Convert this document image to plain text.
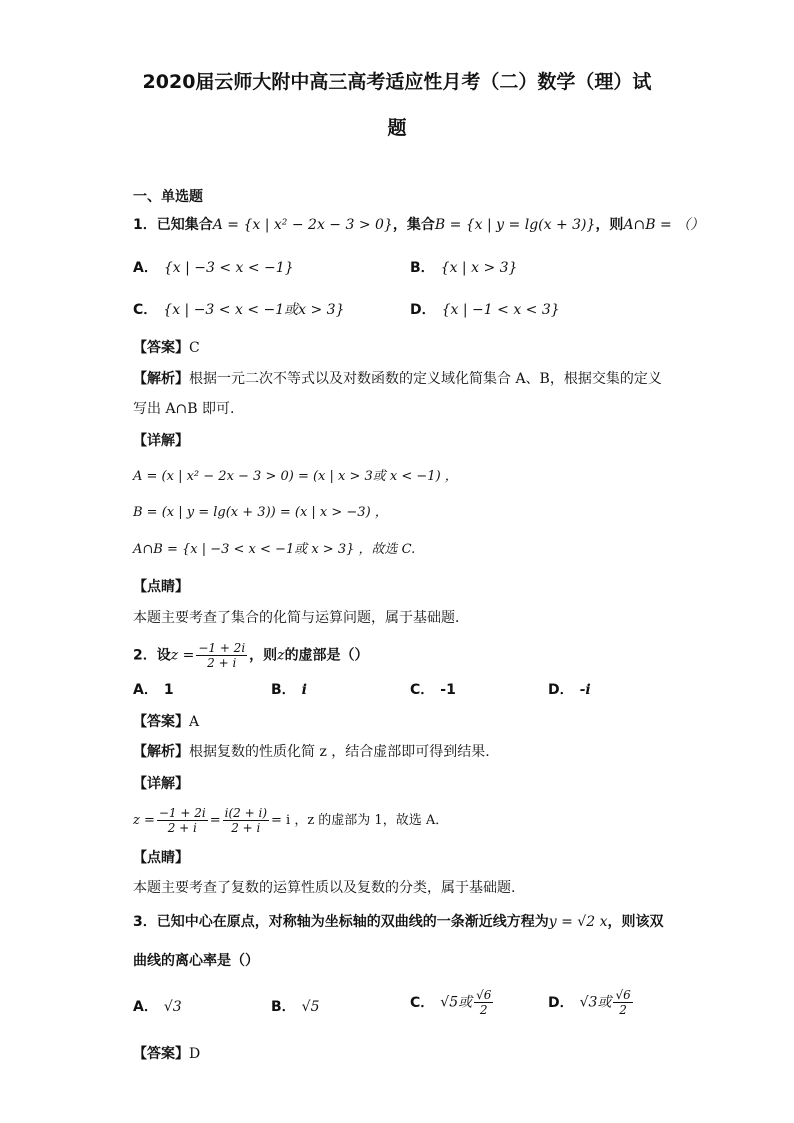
2020届云师大附中高三高考适应性月考（二）数学（理）试
题
一、单选题
1．已知集合A = {x | x² − 2x − 3 > 0}，集合B = {x | y = lg(x + 3)}，则A∩B = （）
A． {x | −3 < x < −1}	B． {x | x > 3}
C． {x | −3 < x < −1或x > 3}	D． {x | −1 < x < 3}
【答案】C
【解析】根据一元二次不等式以及对数函数的定义域化简集合 A、B，根据交集的定义
写出 A∩B 即可.
【详解】
A = (x | x² − 2x − 3 > 0) = (x | x > 3或 x < −1) ，
B = (x | y = lg(x + 3)) = (x | x > −3) ，
A∩B = {x | −3 < x < −1或 x > 3} ，故选 C.
【点睛】
本题主要考查了集合的化简与运算问题，属于基础题．
2．设$z = \frac{-1 + 2i}{2 + i}$ ，则z的虚部是（）
A． 1	B． i	C． -1	D． -i
【答案】A
【解析】根据复数的性质化简 z ，结合虚部即可得到结果.
【详解】
$z = \frac{-1 + 2i}{2 + i} = \frac{i(2 + i)}{2 + i} = i$ ，z 的虚部为 1，故选 A．
【点睛】
本题主要考查了复数的运算性质以及复数的分类，属于基础题.
3．已知中心在原点，对称轴为坐标轴的双曲线的一条渐近线方程为y = √2 x，则该双
曲线的离心率是（）
A． √3	B． √5	C． √5或 $\frac{√6}{2}$	D． √3或 $\frac{√6}{2}$
【答案】D
